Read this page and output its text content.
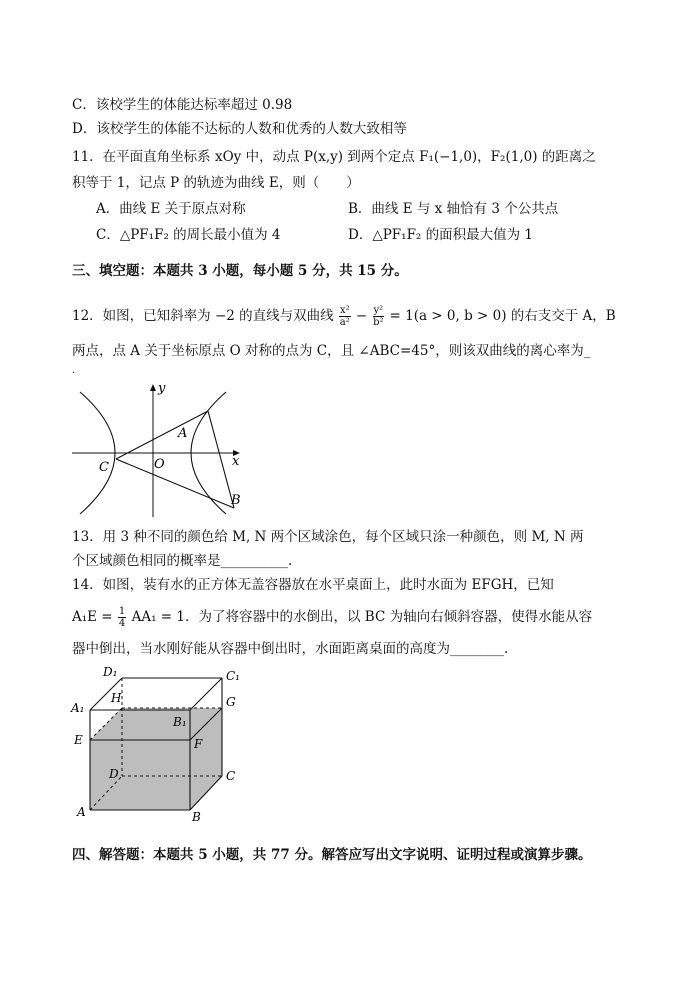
C．该校学生的体能达标率超过 0.98
D．该校学生的体能不达标的人数和优秀的人数大致相等
11．在平面直角坐标系 xOy 中，动点 P(x,y) 到两个定点 F₁(−1,0)，F₂(1,0) 的距离之
积等于 1，记点 P 的轨迹为曲线 E，则（　　）
A．曲线 E 关于原点对称	B．曲线 E 与 x 轴恰有 3 个公共点
C．△PF₁F₂ 的周长最小值为 4	D．△PF₁F₂ 的面积最大值为 1
三、填空题：本题共 3 小题，每小题 5 分，共 15 分。
12．如图，已知斜率为 −2 的直线与双曲线 $\frac{\text{x²}}{\text{a²}} - \frac{\text{y²}}{\text{b²}} = 1(a > 0$, b > 0) 的右支交于 A，B
两点，点 A 关于坐标原点 O 对称的点为 C，且 ∠ABC=45°，则该双曲线的离心率为_
.
y
x
O
A
B
C
13．用 3 种不同的颜色给 M, N 两个区域涂色，每个区域只涂一种颜色，则 M, N 两
个区域颜色相同的概率是__________.
14．如图，装有水的正方体无盖容器放在水平桌面上，此时水面为 EFGH，已知
$A_1E = \frac{1}{4} AA_1 = 1$．为了将容器中的水倒出，以 BC 为轴向右倾斜容器，使得水能从容
器中倒出，当水刚好能从容器中倒出时，水面距离桌面的高度为________.
D₁	C₁
H	G
A₁
B₁
E	F
D	C
A	B
四、解答题：本题共 5 小题，共 77 分。解答应写出文字说明、证明过程或演算步骤。
